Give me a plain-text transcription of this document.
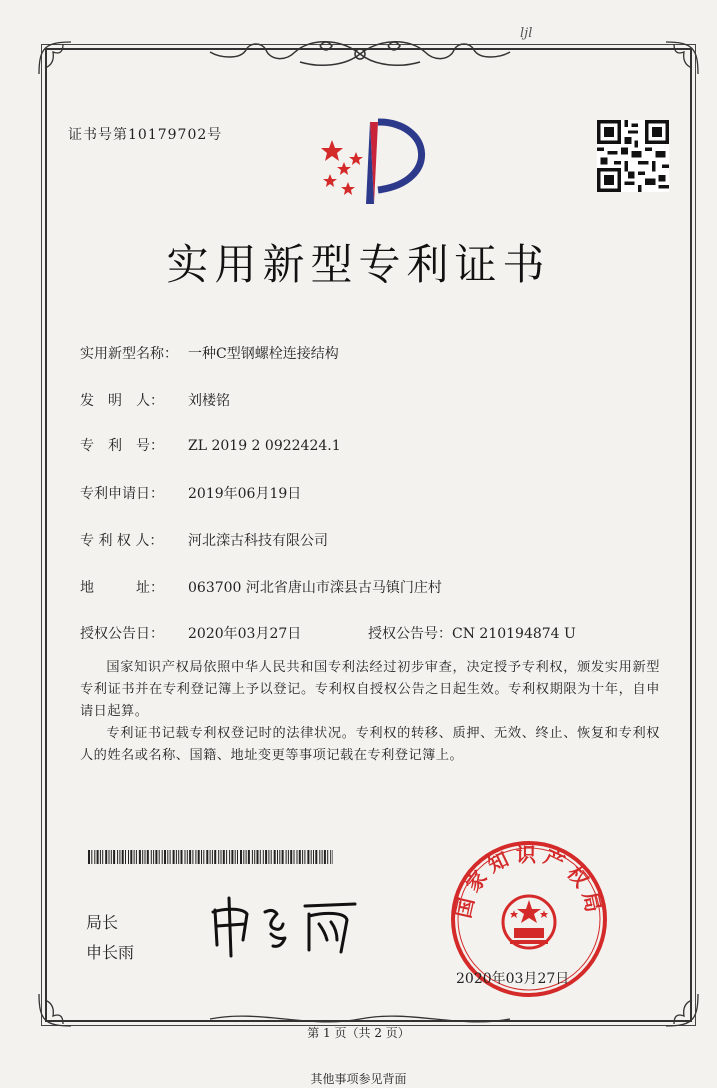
ljl
证书号第10179702号
实用新型专利证书
实用新型名称： 一种C型钢螺栓连接结构
发　明　人： 刘楼铭
专　利　号： ZL 2019 2 0922424.1
专利申请日： 2019年06月19日
专 利 权 人： 河北滦古科技有限公司
地　　　址： 063700 河北省唐山市滦县古马镇门庄村
授权公告日： 2020年03月27日	授权公告号：CN 210194874 U
国家知识产权局依照中华人民共和国专利法经过初步审查，决定授予专利权，颁发实用新型专利证书并在专利登记簿上予以登记。专利权自授权公告之日起生效。专利权期限为十年，自申请日起算。
专利证书记载专利权登记时的法律状况。专利权的转移、质押、无效、终止、恢复和专利权人的姓名或名称、国籍、地址变更等事项记载在专利登记簿上。
局长
申长雨
国家知识产权局
2020年03月27日
第 1 页（共 2 页）
其他事项参见背面
